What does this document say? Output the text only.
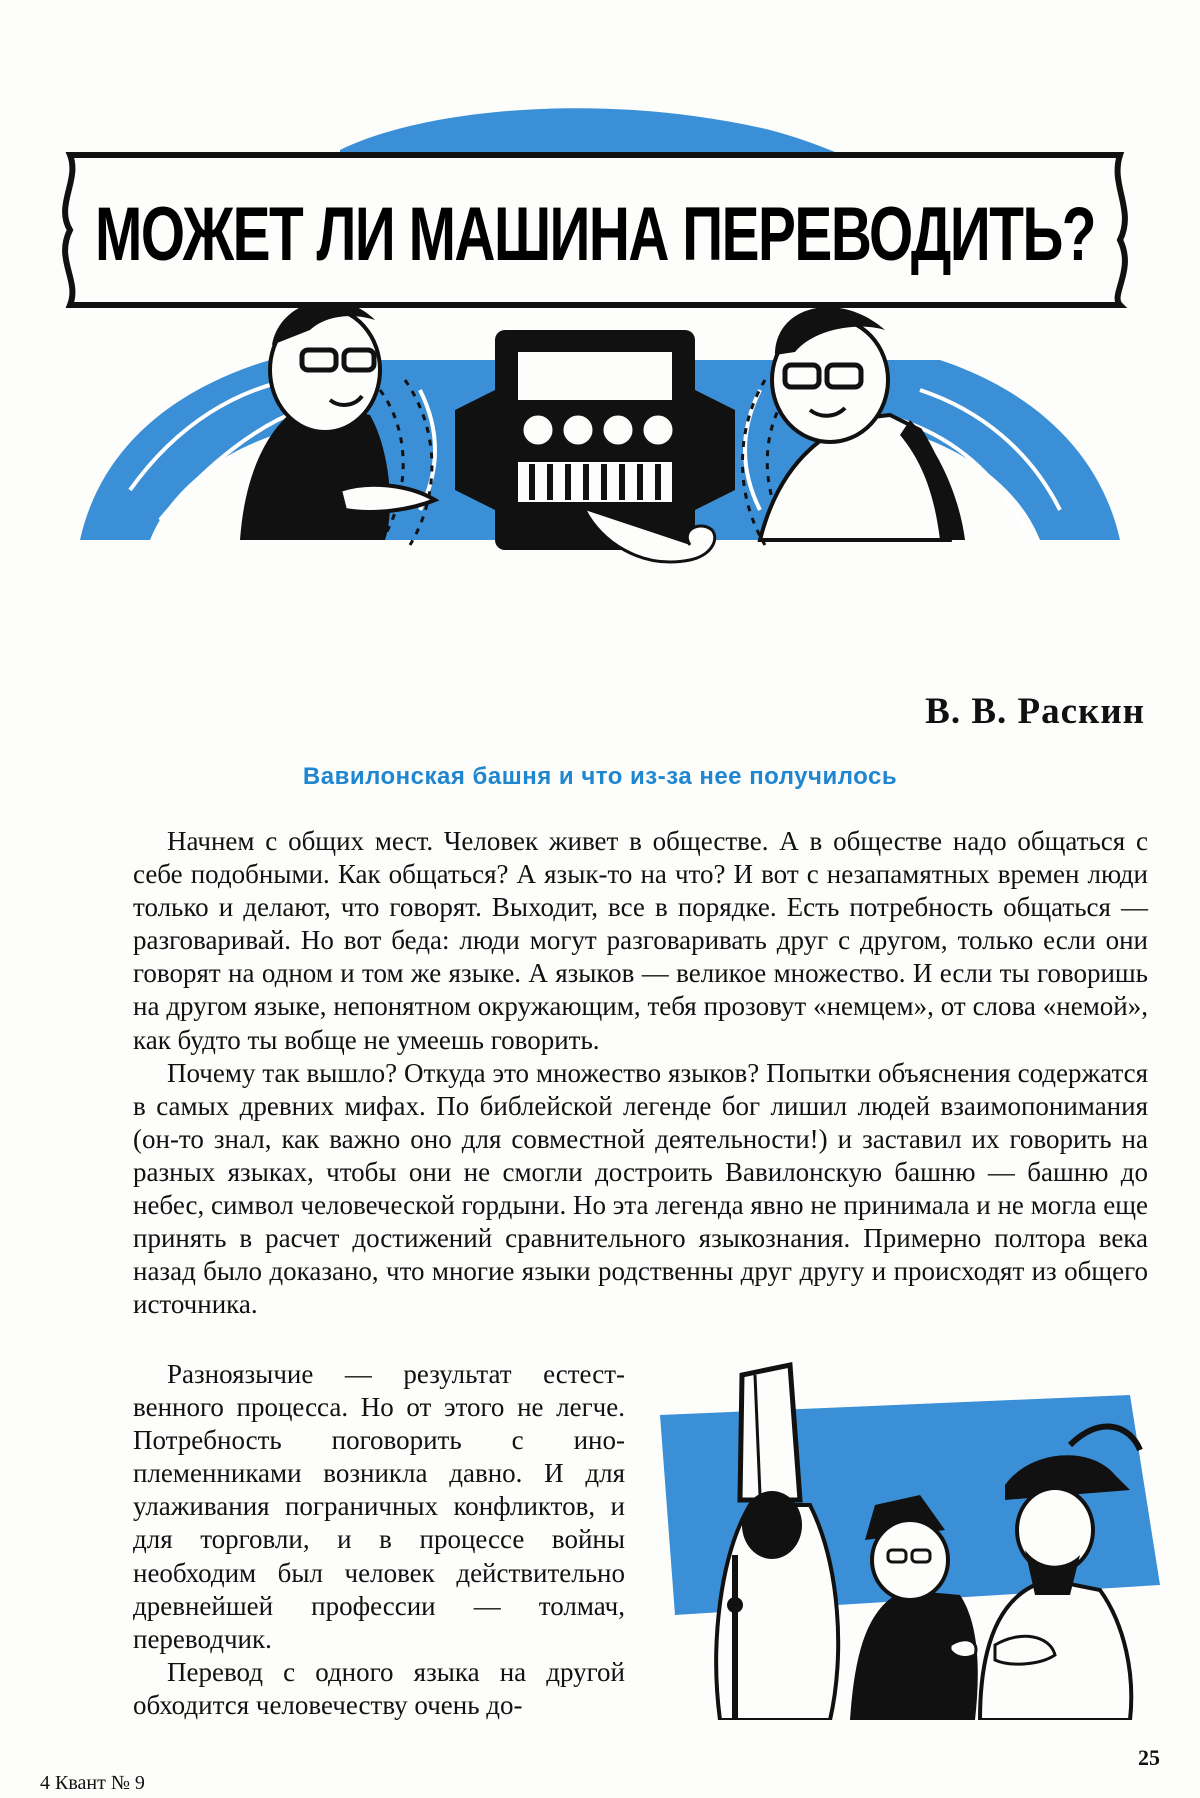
МОЖЕТ ЛИ МАШИНА ПЕРЕВОДИТЬ?
В. В. Раскин
Вавилонская башня и что из-за нее получилось

Начнем с общих мест. Человек живет в обществе. А в обществе надо общаться с себе подобными. Как общаться? А язык-то на что? И вот с незапамятных времен люди только и делают, что говорят. Выходит, все в порядке. Есть потребность общаться — разговаривай. Но вот беда: люди могут разговаривать друг с другом, только если они говорят на одном и том же языке. А языков — великое множество. И если ты говоришь на другом языке, непонятном окружающим, тебя прозовут «немцем», от слова «немой», как будто ты вобще не умеешь говорить.

Почему так вышло? Откуда это множество языков? Попытки объяснения содержатся в самых древних мифах. По библейской легенде бог лишил людей взаимопонимания (он-то знал, как важно оно для совместной деятельности!) и заставил их говорить на разных языках, чтобы они не смогли достроить Вавилонскую башню — башню до небес, символ человеческой гордыни. Но эта легенда явно не принимала и не могла еще принять в расчет достижений сравнительного языкознания. Примерно полтора века назад было доказано, что многие языки родственны друг другу и происходят из общего источника.

Разноязычие — результат естественного процесса. Но от этого не легче. Потребность поговорить с иноплеменниками возникла давно. И для улаживания пограничных конфликтов, и для торговли, и в процессе войны необходим был человек действительно древнейшей профессии — толмач, переводчик.

Перевод с одного языка на другой обходится человечеству очень до-

25

4 Квант № 9
